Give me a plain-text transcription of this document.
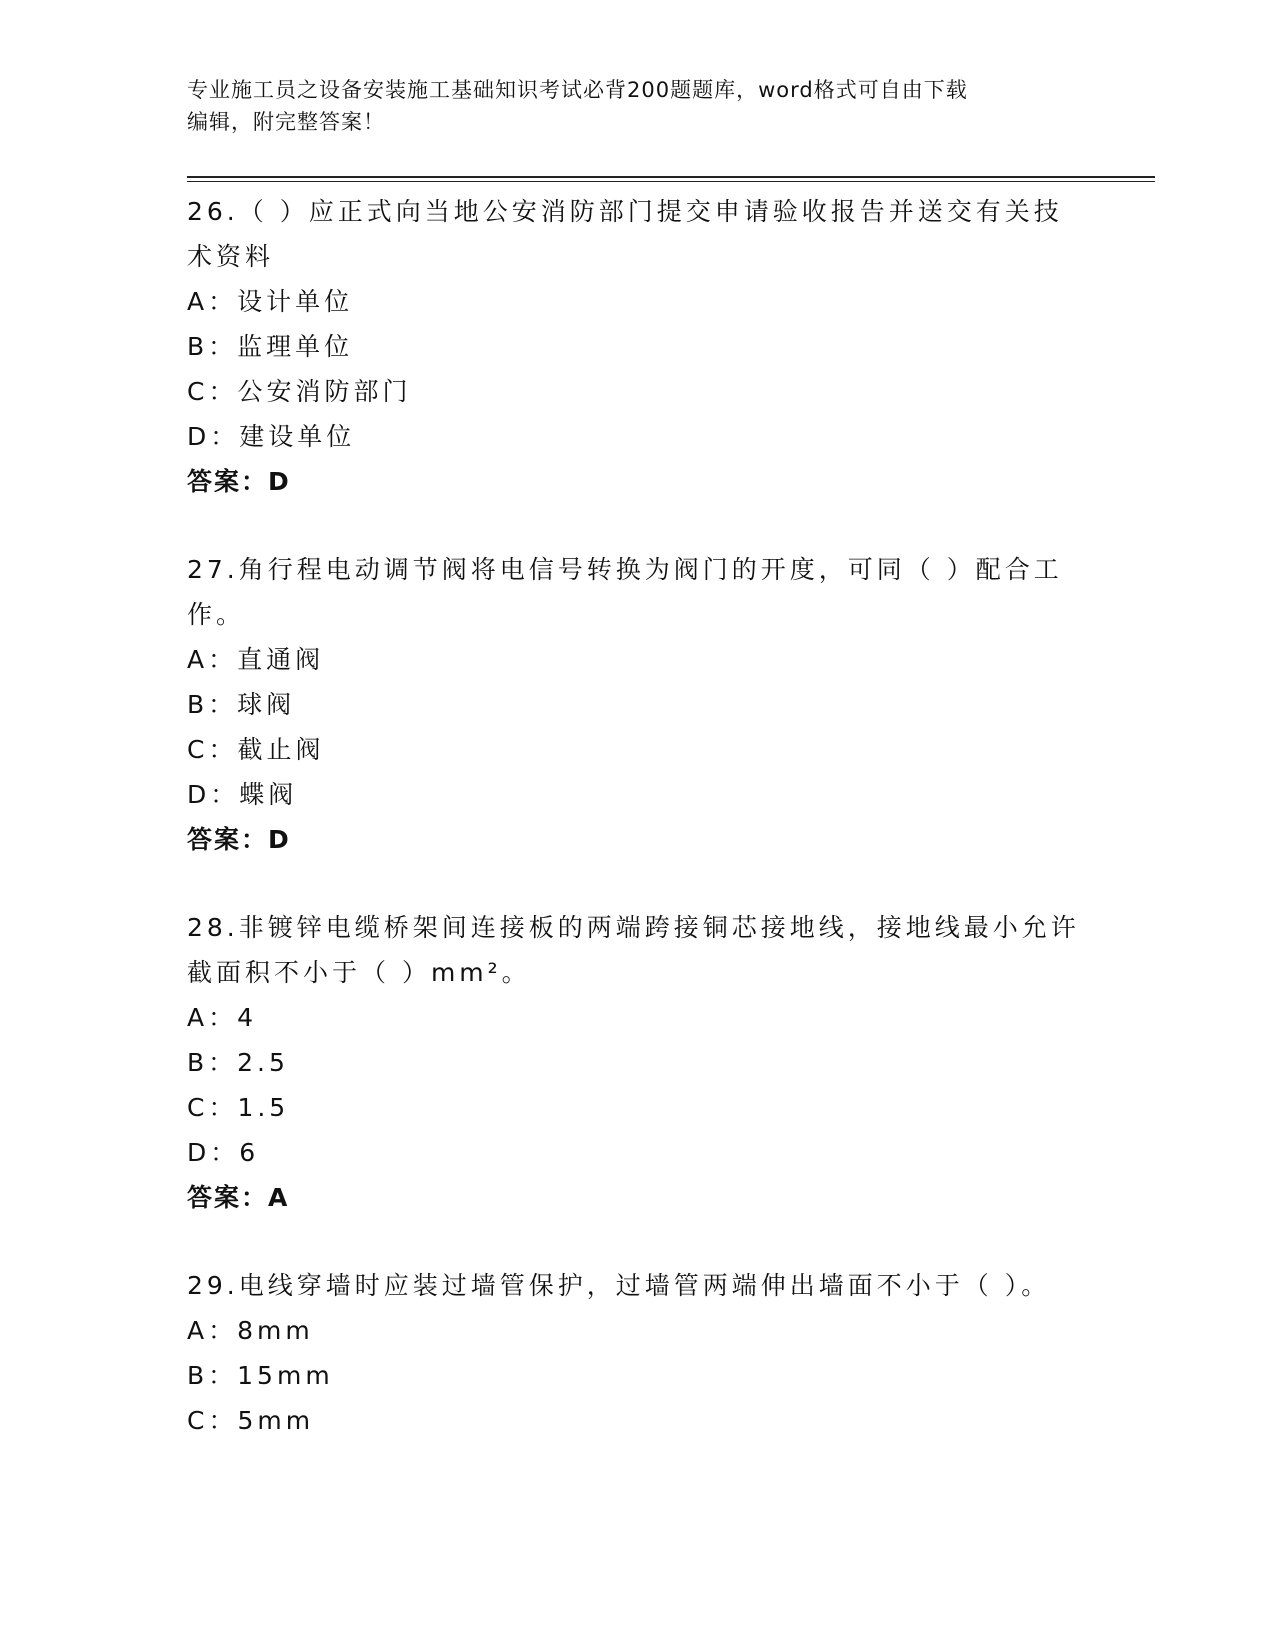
专业施工员之设备安装施工基础知识考试必背200题题库，word格式可自由下载
编辑，附完整答案！
26.（ ）应正式向当地公安消防部门提交申请验收报告并送交有关技
术资料
A：设计单位
B：监理单位
C：公安消防部门
D：建设单位
答案：D
27.角行程电动调节阀将电信号转换为阀门的开度，可同（ ）配合工
作。
A：直通阀
B：球阀
C：截止阀
D：蝶阀
答案：D
28.非镀锌电缆桥架间连接板的两端跨接铜芯接地线，接地线最小允许
截面积不小于（ ）mm²。
A：4
B：2.5
C：1.5
D：6
答案：A
29.电线穿墙时应装过墙管保护，过墙管两端伸出墙面不小于（ ）。
A：8mm
B：15mm
C：5mm
